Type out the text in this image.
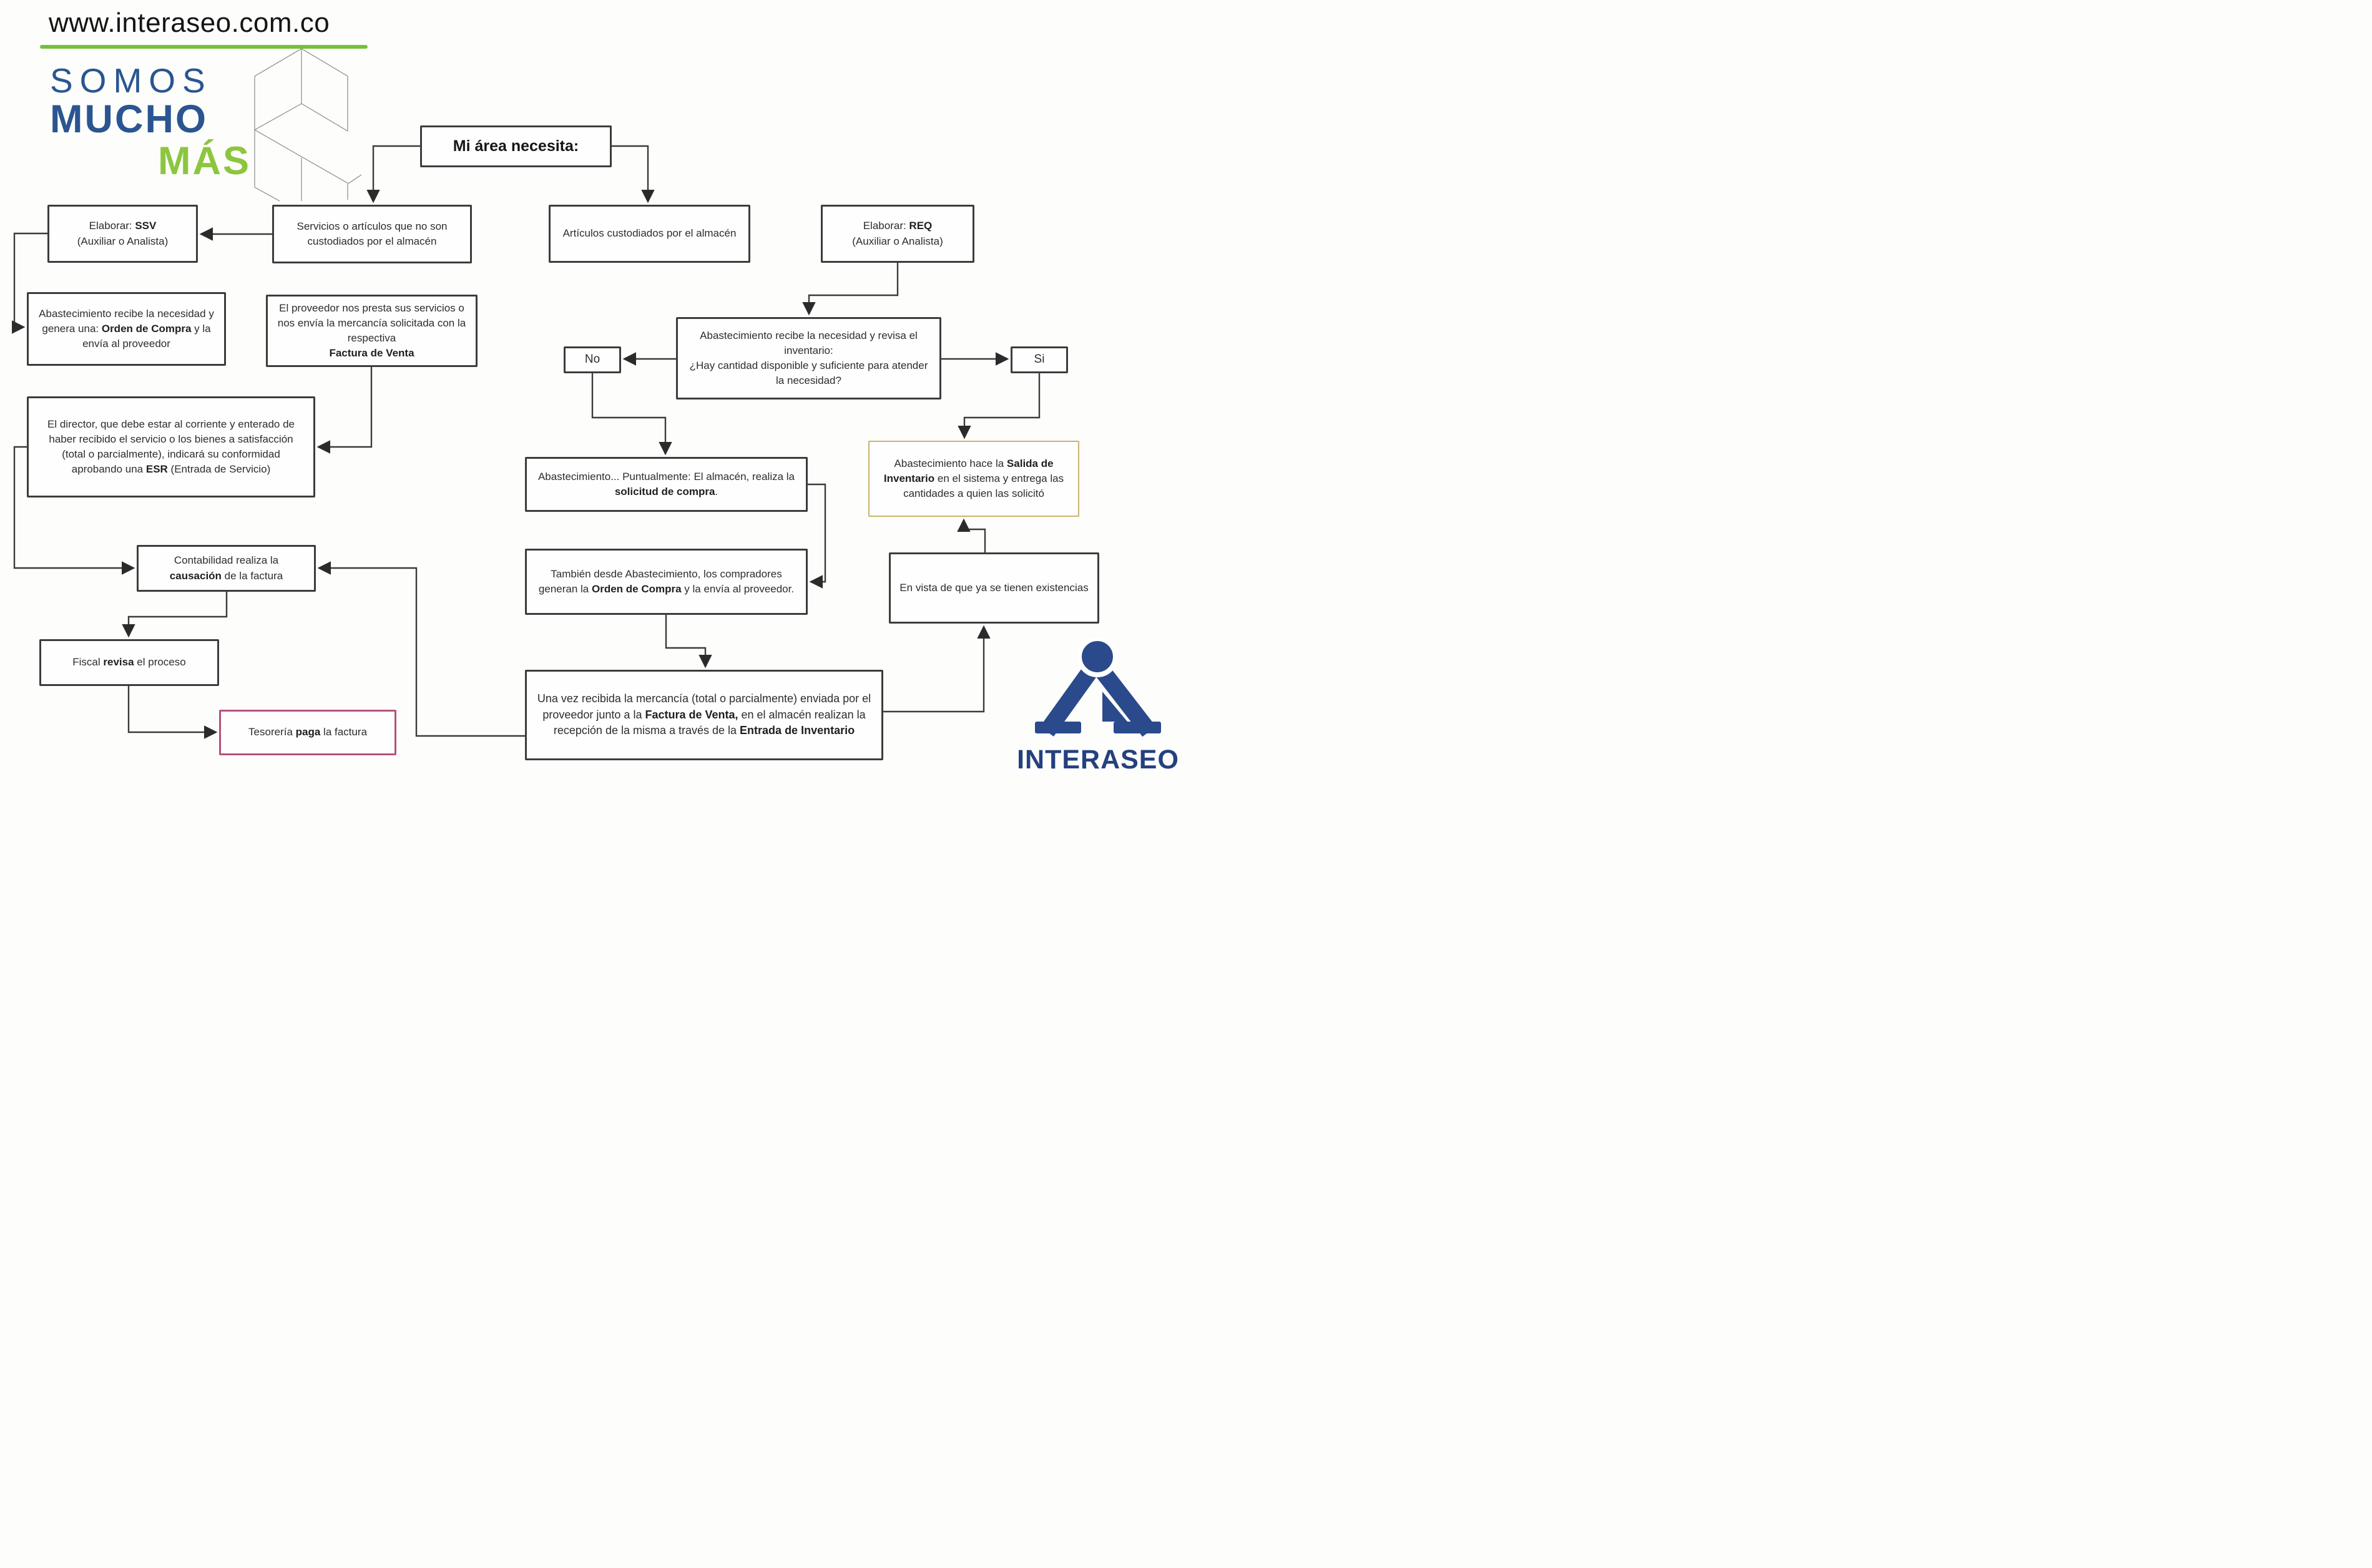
www.interaseo.com.co
SOMOS
MUCHO
MÁS	Mi área necesita:

Servicios o artículos que no son custodiados por el almacén

Elaborar: SSV
(Auxiliar o Analista)

Abastecimiento recibe la necesidad y genera una: Orden de Compra y la envía al proveedor

El proveedor nos presta sus servicios o nos envía la mercancía solicitada con la respectiva
Factura de Venta

El director, que debe estar al corriente y enterado de haber recibido el servicio o los bienes a satisfacción (total o parcialmente), indicará su conformidad aprobando una ESR (Entrada de Servicio)

Contabilidad realiza la causación de la factura

Fiscal revisa el proceso

Tesorería paga la factura

Artículos custodiados por el almacén

Elaborar: REQ
(Auxiliar o Analista)

Abastecimiento recibe la necesidad y revisa el inventario:
¿Hay cantidad disponible y suficiente para atender la necesidad?

No	Si

Abastecimiento... Puntualmente: El almacén, realiza la solicitud de compra.

También desde Abastecimiento, los compradores generan la Orden de Compra y la envía al proveedor.

Abastecimiento hace la Salida de Inventario en el sistema y entrega las cantidades a quien las solicitó

En vista de que ya se tienen existencias

Una vez recibida la mercancía (total o parcialmente) enviada por el proveedor junto a la Factura de Venta, en el almacén realizan la recepción de la misma a través de la Entrada de Inventario

INTERASEO
